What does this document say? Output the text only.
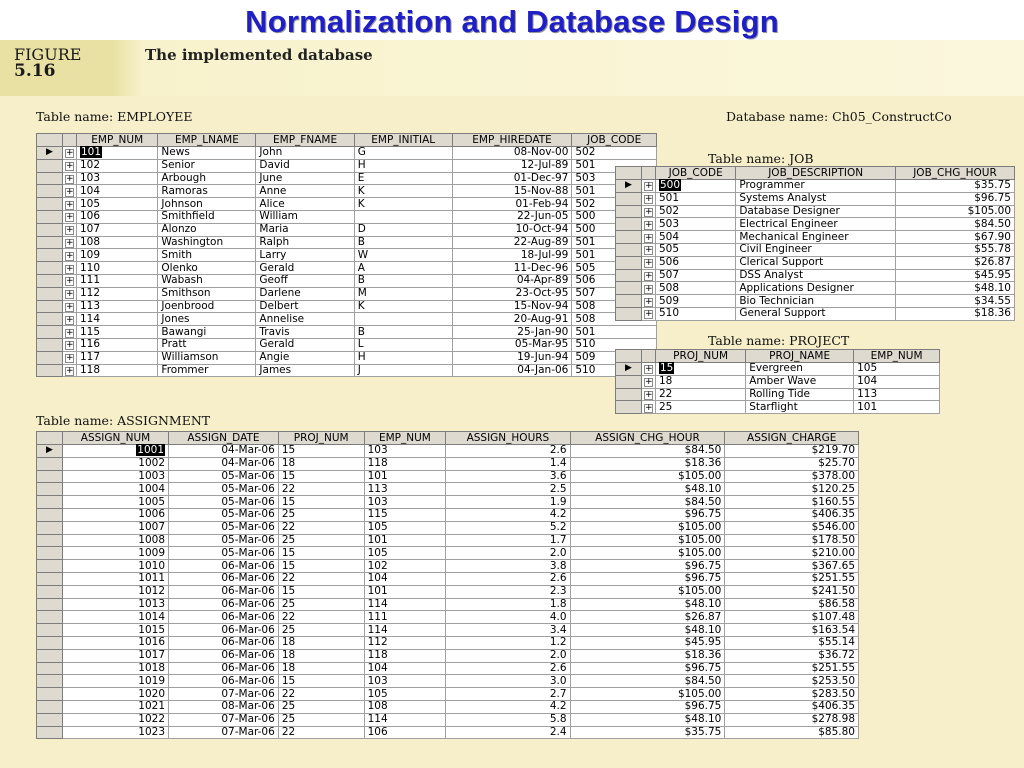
Normalization and Database Design
FIGURE
5.16
The implemented database
Table name: EMPLOYEE	Database name: Ch05_ConstructCo
Table name: JOB
Table name: PROJECT
Table name: ASSIGNMENT
		EMP_NUM	EMP_LNAME	EMP_FNAME	EMP_INITIAL	EMP_HIREDATE	JOB_CODE
▶	+	101	News	John	G	08-Nov-00	502
	+	102	Senior	David	H	12-Jul-89	501
	+	103	Arbough	June	E	01-Dec-97	503
	+	104	Ramoras	Anne	K	15-Nov-88	501
	+	105	Johnson	Alice	K	01-Feb-94	502
	+	106	Smithfield	William		22-Jun-05	500
	+	107	Alonzo	Maria	D	10-Oct-94	500
	+	108	Washington	Ralph	B	22-Aug-89	501
	+	109	Smith	Larry	W	18-Jul-99	501
	+	110	Olenko	Gerald	A	11-Dec-96	505
	+	111	Wabash	Geoff	B	04-Apr-89	506
	+	112	Smithson	Darlene	M	23-Oct-95	507
	+	113	Joenbrood	Delbert	K	15-Nov-94	508
	+	114	Jones	Annelise		20-Aug-91	508
	+	115	Bawangi	Travis	B	25-Jan-90	501
	+	116	Pratt	Gerald	L	05-Mar-95	510
	+	117	Williamson	Angie	H	19-Jun-94	509
	+	118	Frommer	James	J	04-Jan-06	510
		JOB_CODE	JOB_DESCRIPTION	JOB_CHG_HOUR
▶	+	500	Programmer	$35.75
	+	501	Systems Analyst	$96.75
	+	502	Database Designer	$105.00
	+	503	Electrical Engineer	$84.50
	+	504	Mechanical Engineer	$67.90
	+	505	Civil Engineer	$55.78
	+	506	Clerical Support	$26.87
	+	507	DSS Analyst	$45.95
	+	508	Applications Designer	$48.10
	+	509	Bio Technician	$34.55
	+	510	General Support	$18.36
		PROJ_NUM	PROJ_NAME	EMP_NUM
▶	+	15	Evergreen	105
	+	18	Amber Wave	104
	+	22	Rolling Tide	113
	+	25	Starflight	101
	ASSIGN_NUM	ASSIGN_DATE	PROJ_NUM	EMP_NUM	ASSIGN_HOURS	ASSIGN_CHG_HOUR	ASSIGN_CHARGE
▶	1001	04-Mar-06	15	103	2.6	$84.50	$219.70
	1002	04-Mar-06	18	118	1.4	$18.36	$25.70
	1003	05-Mar-06	15	101	3.6	$105.00	$378.00
	1004	05-Mar-06	22	113	2.5	$48.10	$120.25
	1005	05-Mar-06	15	103	1.9	$84.50	$160.55
	1006	05-Mar-06	25	115	4.2	$96.75	$406.35
	1007	05-Mar-06	22	105	5.2	$105.00	$546.00
	1008	05-Mar-06	25	101	1.7	$105.00	$178.50
	1009	05-Mar-06	15	105	2.0	$105.00	$210.00
	1010	06-Mar-06	15	102	3.8	$96.75	$367.65
	1011	06-Mar-06	22	104	2.6	$96.75	$251.55
	1012	06-Mar-06	15	101	2.3	$105.00	$241.50
	1013	06-Mar-06	25	114	1.8	$48.10	$86.58
	1014	06-Mar-06	22	111	4.0	$26.87	$107.48
	1015	06-Mar-06	25	114	3.4	$48.10	$163.54
	1016	06-Mar-06	18	112	1.2	$45.95	$55.14
	1017	06-Mar-06	18	118	2.0	$18.36	$36.72
	1018	06-Mar-06	18	104	2.6	$96.75	$251.55
	1019	06-Mar-06	15	103	3.0	$84.50	$253.50
	1020	07-Mar-06	22	105	2.7	$105.00	$283.50
	1021	08-Mar-06	25	108	4.2	$96.75	$406.35
	1022	07-Mar-06	25	114	5.8	$48.10	$278.98
	1023	07-Mar-06	22	106	2.4	$35.75	$85.80
